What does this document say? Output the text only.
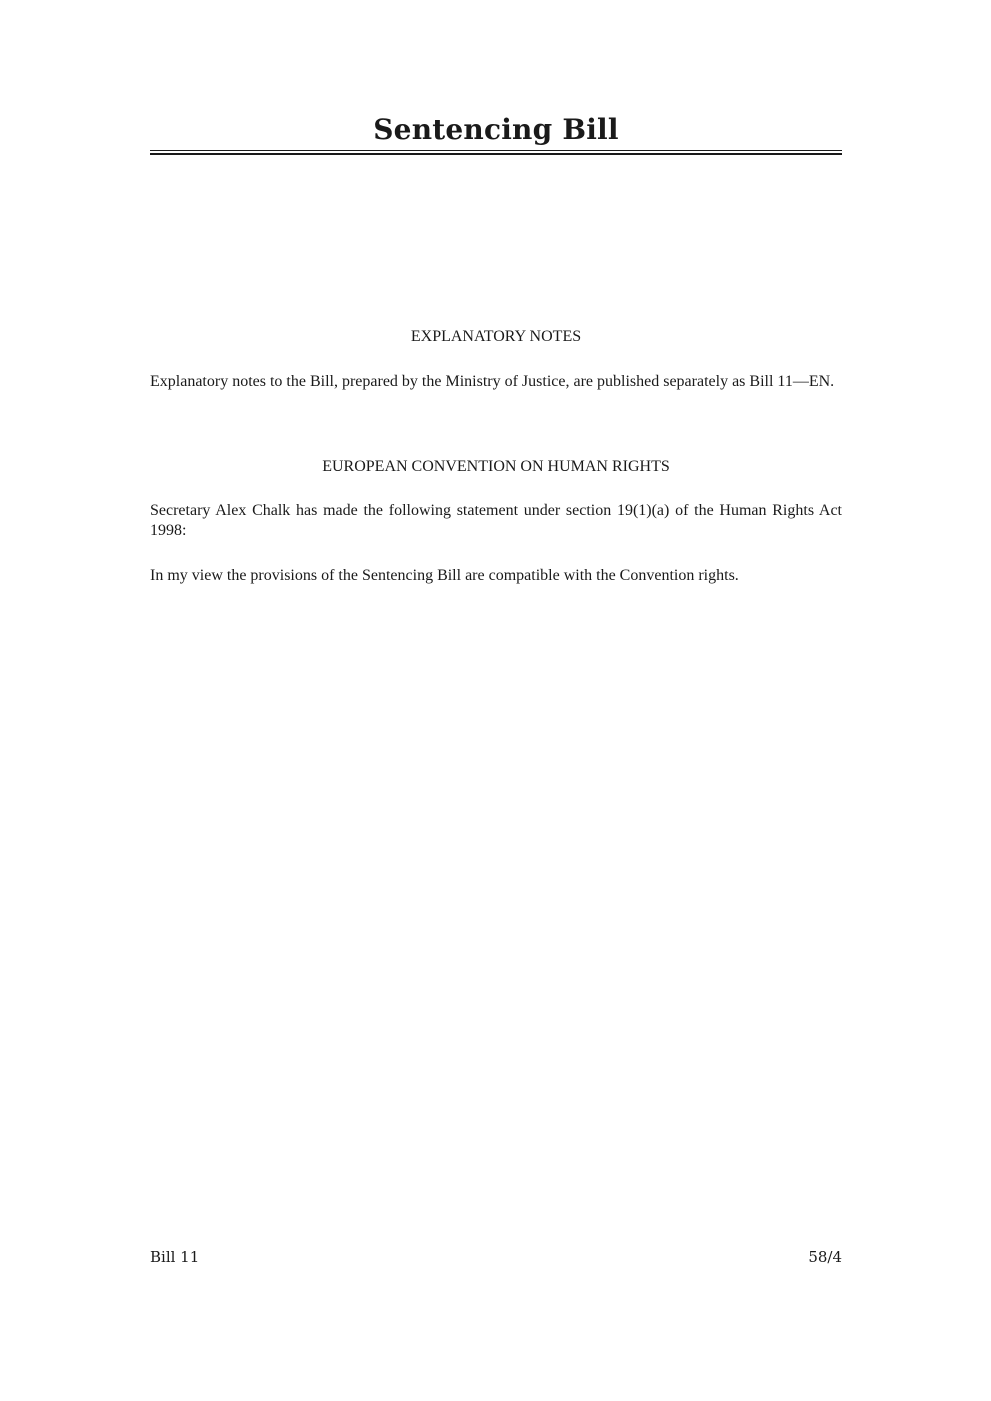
Sentencing Bill
EXPLANATORY NOTES
Explanatory notes to the Bill, prepared by the Ministry of Justice, are published separately as Bill 11—EN.
EUROPEAN CONVENTION ON HUMAN RIGHTS
Secretary Alex Chalk has made the following statement under section 19(1)(a) of the Human Rights Act 1998:
In my view the provisions of the Sentencing Bill are compatible with the Convention rights.
Bill 11	58/4
